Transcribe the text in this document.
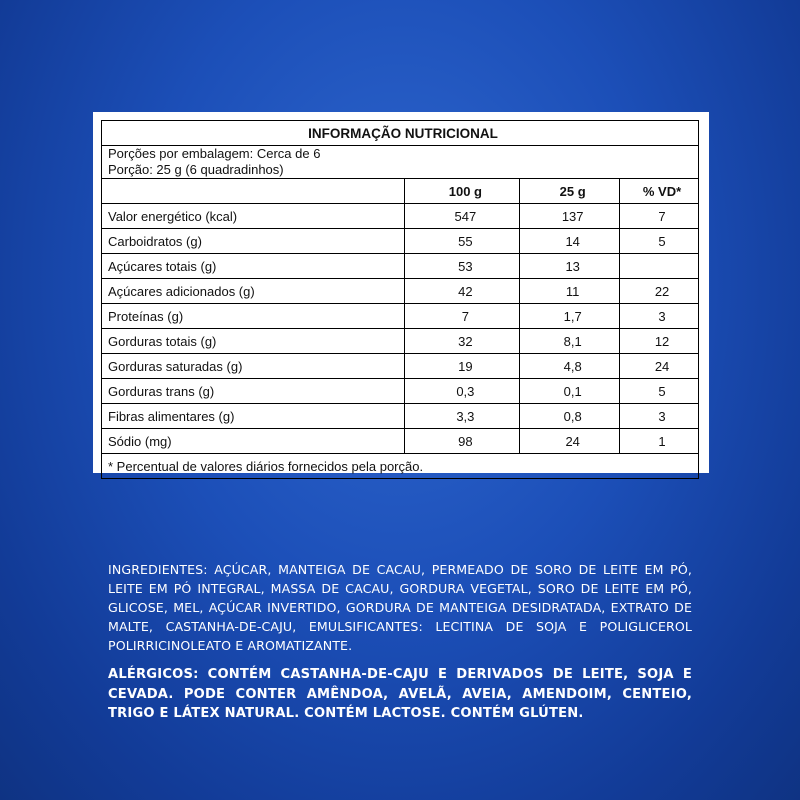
INFORMAÇÃO NUTRICIONAL			

Porções por embalagem: Cerca de 6
Porção: 25 g (6 quadradinhos)			

	100 g	25 g	% VD*
Valor energético (kcal)	547	137	7
Carboidratos (g)	55	14	5
Açúcares totais (g)	53	13	
Açúcares adicionados (g)	42	11	22
Proteínas (g)	7	1,7	3
Gorduras totais (g)	32	8,1	12
Gorduras saturadas (g)	19	4,8	24
Gorduras trans (g)	0,3	0,1	5
Fibras alimentares (g)	3,3	0,8	3
Sódio (mg)	98	24	1
* Percentual de valores diários fornecidos pela porção.			

INGREDIENTES: AÇÚCAR, MANTEIGA DE CACAU, PERMEADO DE SORO DE LEITE EM PÓ, LEITE EM PÓ INTEGRAL, MASSA DE CACAU, GORDURA VEGETAL, SORO DE LEITE EM PÓ, GLICOSE, MEL, AÇÚCAR INVERTIDO, GORDURA DE MANTEIGA DESIDRATADA, EXTRATO DE MALTE, CASTANHA-DE-CAJU, EMULSIFICANTES: LECITINA DE SOJA E POLIGLICEROL POLIRRICINOLEATO E AROMATIZANTE.

ALÉRGICOS: CONTÉM CASTANHA-DE-CAJU E DERIVADOS DE LEITE, SOJA E CEVADA. PODE CONTER AMÊNDOA, AVELÃ, AVEIA, AMENDOIM, CENTEIO, TRIGO E LÁTEX NATURAL. CONTÉM LACTOSE. CONTÉM GLÚTEN.
